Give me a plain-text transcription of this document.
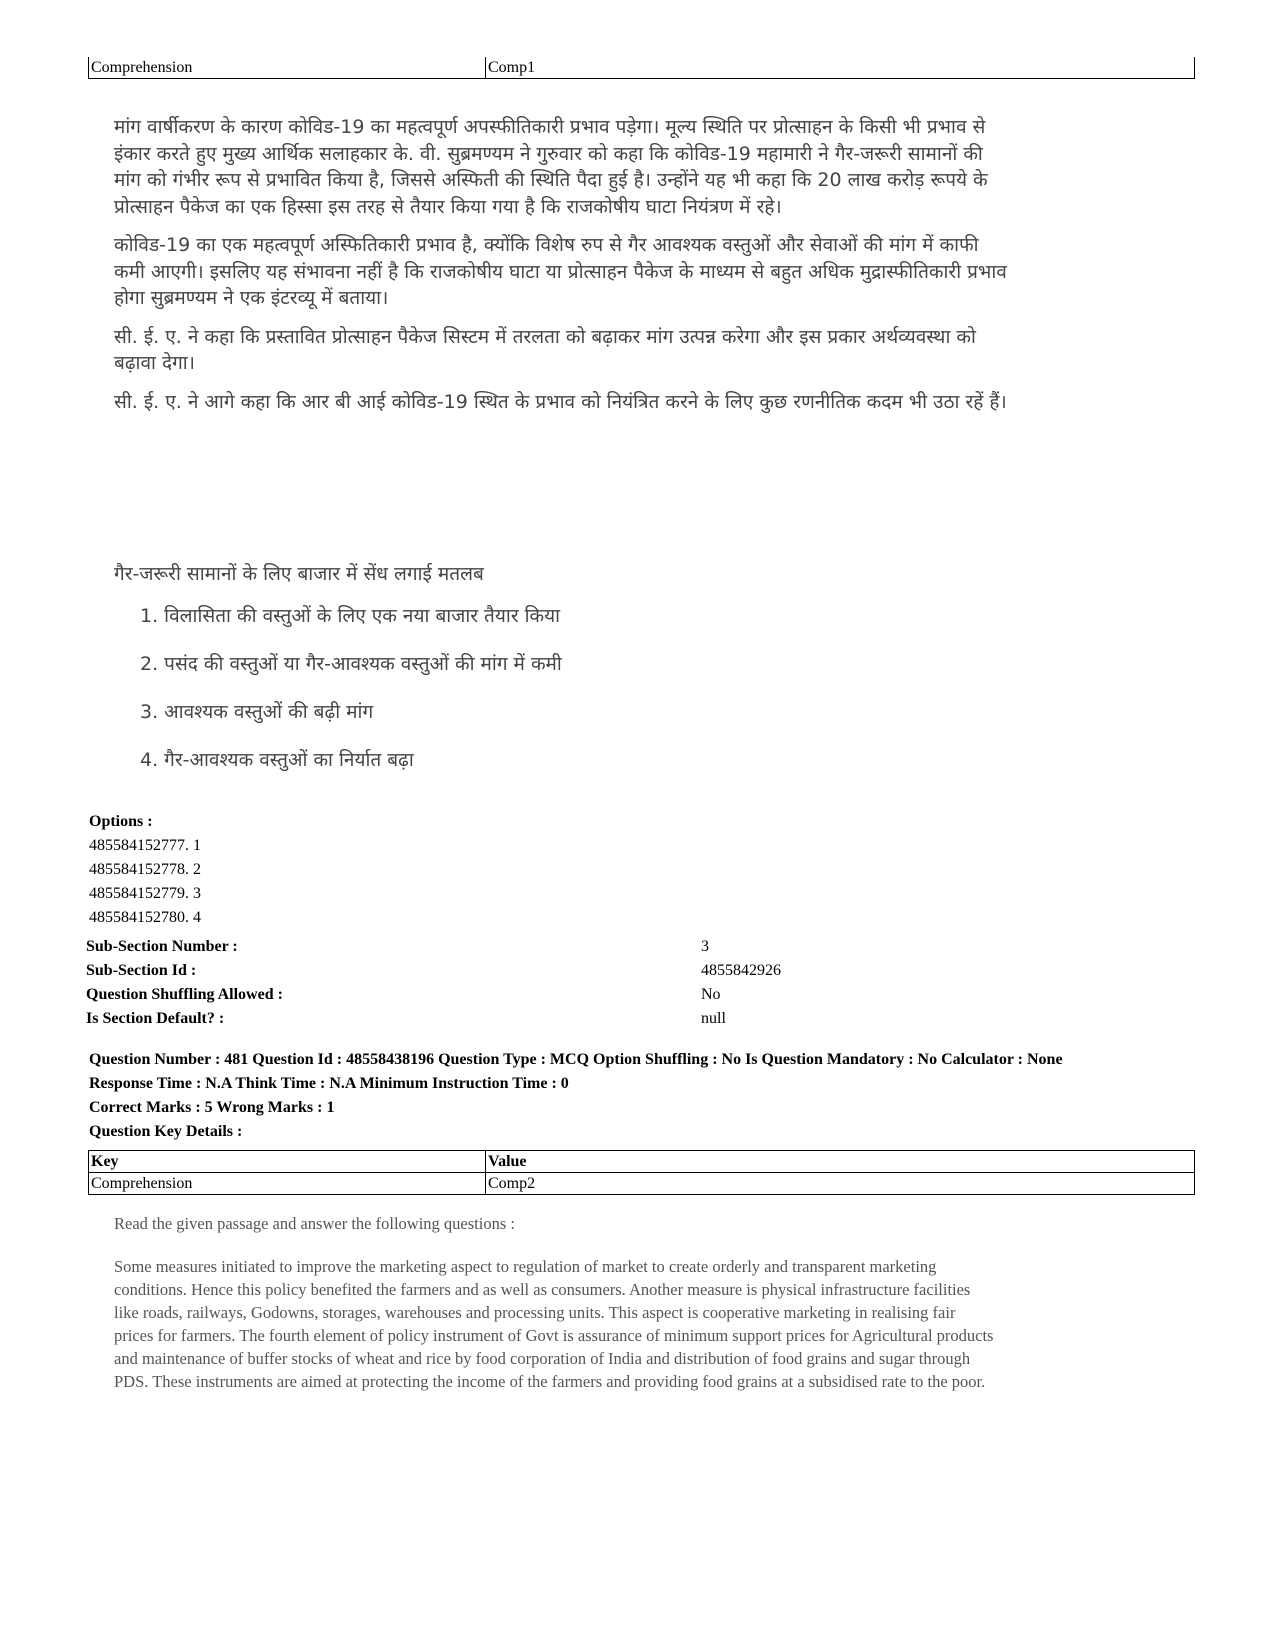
Comprehension	Comp1

मांग वार्षीकरण के कारण कोविड-19 का महत्वपूर्ण अपस्फीतिकारी प्रभाव पड़ेगा। मूल्य स्थिति पर प्रोत्साहन के किसी भी प्रभाव से इंकार करते हुए मुख्य आर्थिक सलाहकार के. वी. सुब्रमण्यम ने गुरुवार को कहा कि कोविड-19 महामारी ने गैर-जरूरी सामानों की मांग को गंभीर रूप से प्रभावित किया है, जिससे अस्फिती की स्थिति पैदा हुई है। उन्होंने यह भी कहा कि 20 लाख करोड़ रूपये के प्रोत्साहन पैकेज का एक हिस्सा इस तरह से तैयार किया गया है कि राजकोषीय घाटा नियंत्रण में रहे।

कोविड-19 का एक महत्वपूर्ण अस्फितिकारी प्रभाव है, क्योंकि विशेष रुप से गैर आवश्यक वस्तुओं और सेवाओं की मांग में काफी कमी आएगी। इसलिए यह संभावना नहीं है कि राजकोषीय घाटा या प्रोत्साहन पैकेज के माध्यम से बहुत अधिक मुद्रास्फीतिकारी प्रभाव होगा सुब्रमण्यम ने एक इंटरव्यू में बताया।

सी. ई. ए. ने कहा कि प्रस्तावित प्रोत्साहन पैकेज सिस्टम में तरलता को बढ़ाकर मांग उत्पन्न करेगा और इस प्रकार अर्थव्यवस्था को बढ़ावा देगा।

सी. ई. ए. ने आगे कहा कि आर बी आई कोविड-19 स्थित के प्रभाव को नियंत्रित करने के लिए कुछ रणनीतिक कदम भी उठा रहें हैं।

गैर-जरूरी सामानों के लिए बाजार में सेंध लगाई मतलब

1. विलासिता की वस्तुओं के लिए एक नया बाजार तैयार किया
2. पसंद की वस्तुओं या गैर-आवश्यक वस्तुओं की मांग में कमी
3. आवश्यक वस्तुओं की बढ़ी मांग
4. गैर-आवश्यक वस्तुओं का निर्यात बढ़ा
Options :
485584152777. 1
485584152778. 2
485584152779. 3
485584152780. 4
Sub-Section Number :	3
Sub-Section Id :	4855842926
Question Shuffling Allowed :	No
Is Section Default? :	null
Question Number : 481 Question Id : 48558438196 Question Type : MCQ Option Shuffling : No Is Question Mandatory : No Calculator : None
Response Time : N.A Think Time : N.A Minimum Instruction Time : 0
Correct Marks : 5 Wrong Marks : 1
Question Key Details :
Key	Value
Comprehension	Comp2

Read the given passage and answer the following questions :

Some measures initiated to improve the marketing aspect to regulation of market to create orderly and transparent marketing conditions. Hence this policy benefited the farmers and as well as consumers. Another measure is physical infrastructure facilities like roads, railways, Godowns, storages, warehouses and processing units. This aspect is cooperative marketing in realising fair prices for farmers. The fourth element of policy instrument of Govt is assurance of minimum support prices for Agricultural products and maintenance of buffer stocks of wheat and rice by food corporation of India and distribution of food grains and sugar through PDS. These instruments are aimed at protecting the income of the farmers and providing food grains at a subsidised rate to the poor.
